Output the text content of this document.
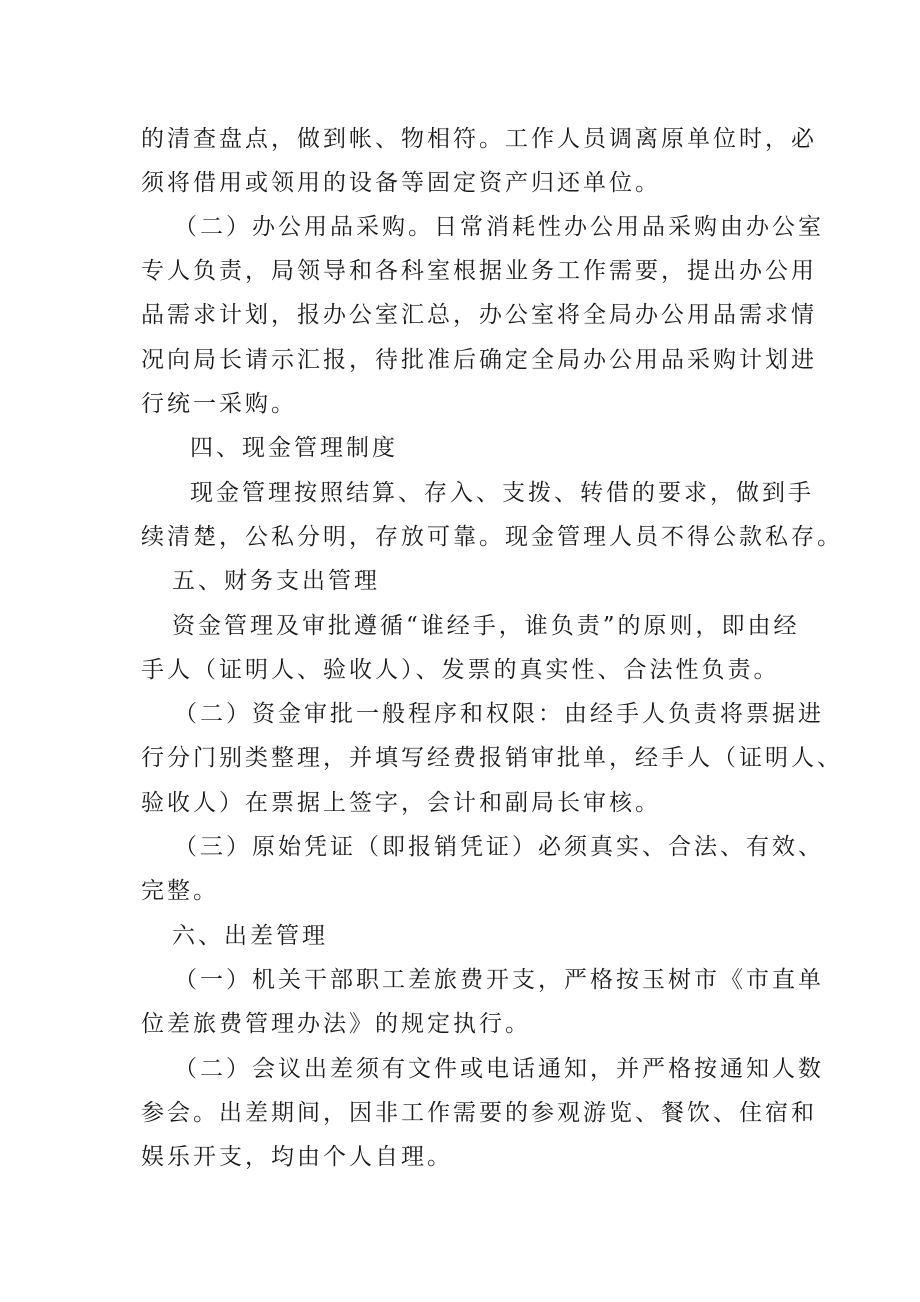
的清查盘点，做到帐、物相符。工作人员调离原单位时，必
须将借用或领用的设备等固定资产归还单位。
（二）办公用品采购。日常消耗性办公用品采购由办公室
专人负责，局领导和各科室根据业务工作需要，提出办公用
品需求计划，报办公室汇总，办公室将全局办公用品需求情
况向局长请示汇报，待批准后确定全局办公用品采购计划进
行统一采购。
四、现金管理制度
现金管理按照结算、存入、支拨、转借的要求，做到手
续清楚，公私分明，存放可靠。现金管理人员不得公款私存。
五、财务支出管理
资金管理及审批遵循“谁经手，谁负责”的原则，即由经
手人（证明人、验收人）、发票的真实性、合法性负责。
（二）资金审批一般程序和权限：由经手人负责将票据进
行分门别类整理，并填写经费报销审批单，经手人（证明人、
验收人）在票据上签字，会计和副局长审核。
（三）原始凭证（即报销凭证）必须真实、合法、有效、
完整。
六、出差管理
（一）机关干部职工差旅费开支，严格按玉树市《市直单
位差旅费管理办法》的规定执行。
（二）会议出差须有文件或电话通知，并严格按通知人数
参会。出差期间，因非工作需要的参观游览、餐饮、住宿和
娱乐开支，均由个人自理。
